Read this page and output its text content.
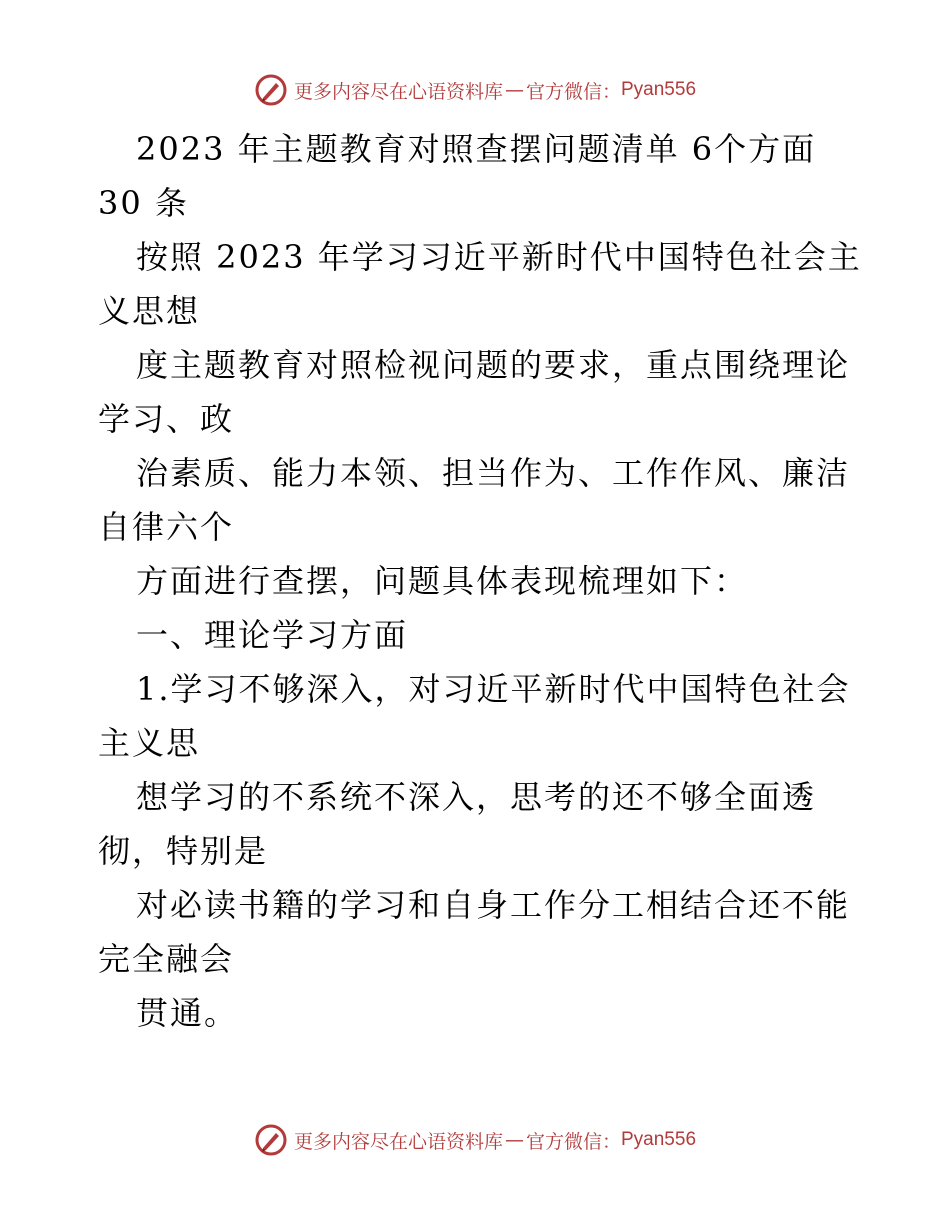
更多内容尽在心语资料库 — 官方微信： Pyan556
2023 年主题教育对照查摆问题清单 6个方面
30 条
按照 2023 年学习习近平新时代中国特色社会主
义思想
度主题教育对照检视问题的要求，重点围绕理论
学习、政
治素质、能力本领、担当作为、工作作风、廉洁
自律六个
方面进行查摆，问题具体表现梳理如下：
一、理论学习方面
1.学习不够深入，对习近平新时代中国特色社会
主义思
想学习的不系统不深入，思考的还不够全面透
彻，特别是
对必读书籍的学习和自身工作分工相结合还不能
完全融会
贯通。
更多内容尽在心语资料库 — 官方微信： Pyan556
